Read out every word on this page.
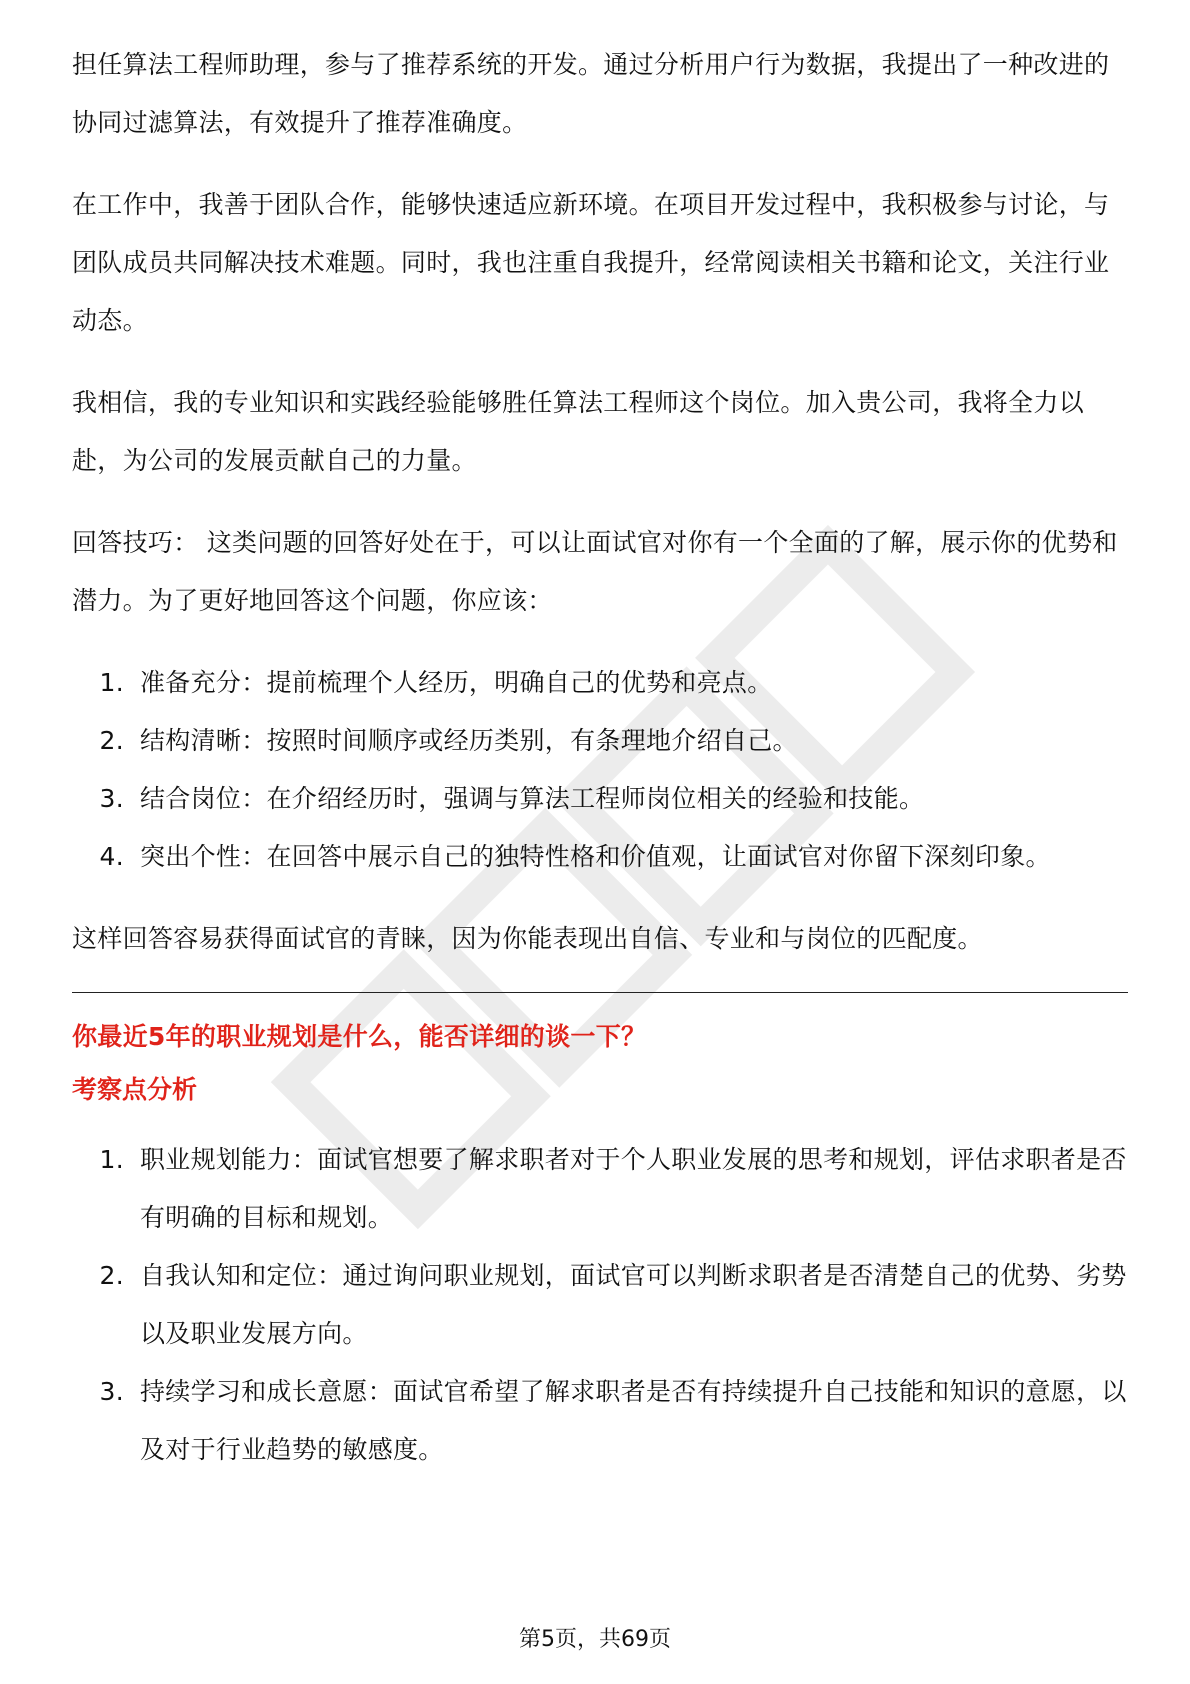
担任算法工程师助理，参与了推荐系统的开发。通过分析用户行为数据，我提出了一种改进的协同过滤算法，有效提升了推荐准确度。

在工作中，我善于团队合作，能够快速适应新环境。在项目开发过程中，我积极参与讨论，与团队成员共同解决技术难题。同时，我也注重自我提升，经常阅读相关书籍和论文，关注行业动态。

我相信，我的专业知识和实践经验能够胜任算法工程师这个岗位。加入贵公司，我将全力以赴，为公司的发展贡献自己的力量。

回答技巧： 这类问题的回答好处在于，可以让面试官对你有一个全面的了解，展示你的优势和潜力。为了更好地回答这个问题，你应该：

1. 准备充分：提前梳理个人经历，明确自己的优势和亮点。
2. 结构清晰：按照时间顺序或经历类别，有条理地介绍自己。
3. 结合岗位：在介绍经历时，强调与算法工程师岗位相关的经验和技能。
4. 突出个性：在回答中展示自己的独特性格和价值观，让面试官对你留下深刻印象。

这样回答容易获得面试官的青睐，因为你能表现出自信、专业和与岗位的匹配度。

你最近5年的职业规划是什么，能否详细的谈一下？

考察点分析

1. 职业规划能力：面试官想要了解求职者对于个人职业发展的思考和规划，评估求职者是否有明确的目标和规划。
2. 自我认知和定位：通过询问职业规划，面试官可以判断求职者是否清楚自己的优势、劣势以及职业发展方向。
3. 持续学习和成长意愿：面试官希望了解求职者是否有持续提升自己技能和知识的意愿，以及对于行业趋势的敏感度。
第5页，共69页
